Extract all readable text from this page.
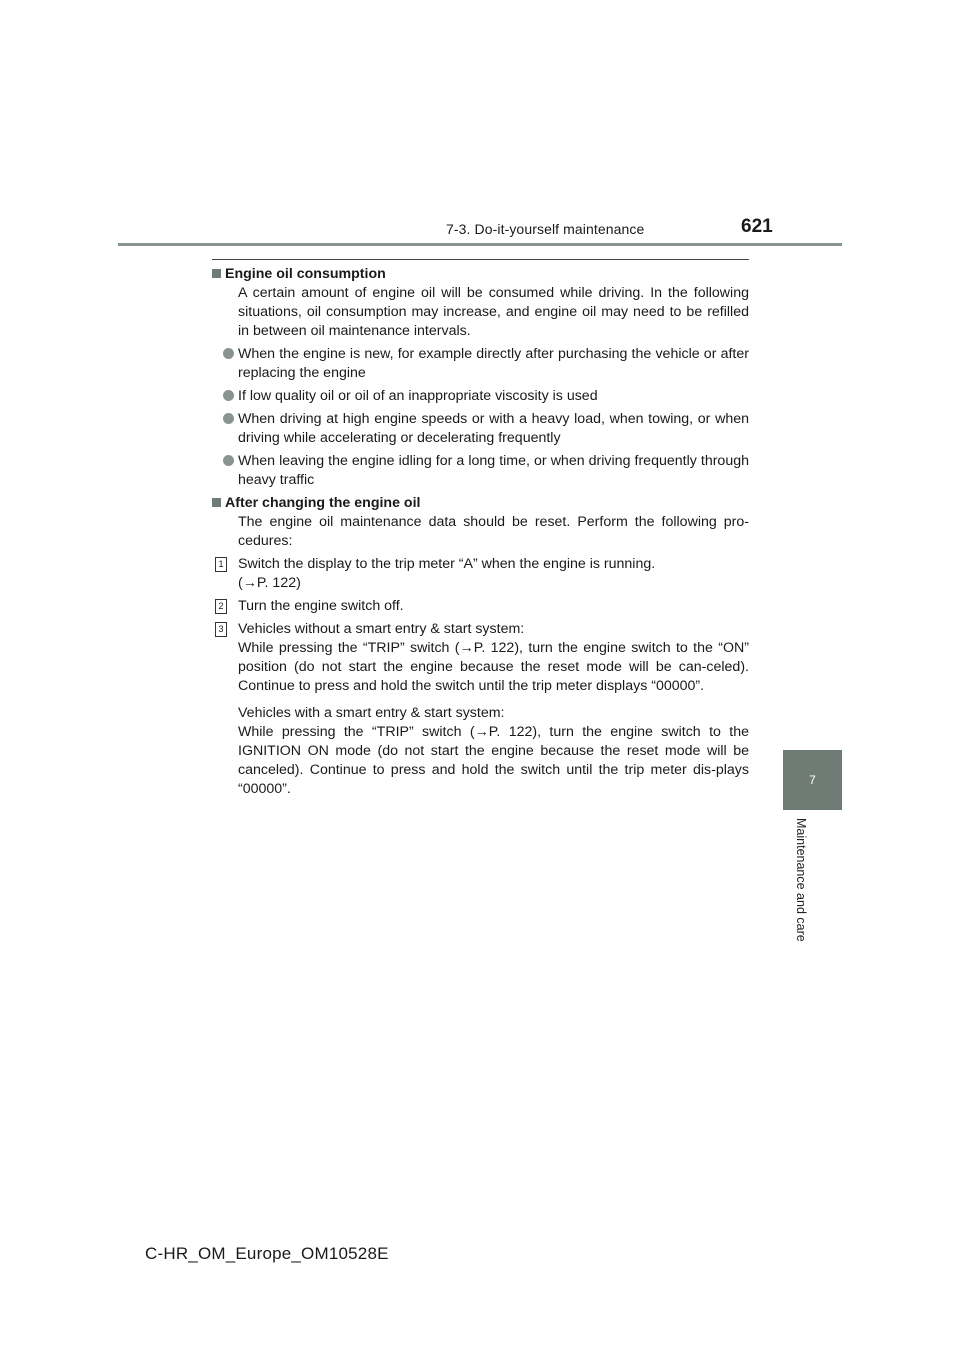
7-3. Do-it-yourself maintenance	621
7
Maintenance and care

Engine oil consumption

A certain amount of engine oil will be consumed while driving. In the following situations, oil consumption may increase, and engine oil may need to be refilled in between oil maintenance intervals.

When the engine is new, for example directly after purchasing the vehicle or after replacing the engine

If low quality oil or oil of an inappropriate viscosity is used

When driving at high engine speeds or with a heavy load, when towing, or when driving while accelerating or decelerating frequently

When leaving the engine idling for a long time, or when driving frequently through heavy traffic

After changing the engine oil

The engine oil maintenance data should be reset. Perform the following pro-cedures:

1 Switch the display to the trip meter “A” when the engine is running.
(→P. 122)

2 Turn the engine switch off.

3 Vehicles without a smart entry & start system:
While pressing the “TRIP” switch (→P. 122), turn the engine switch to the “ON” position (do not start the engine because the reset mode will be can-celed). Continue to press and hold the switch until the trip meter displays “00000”.

Vehicles with a smart entry & start system:
While pressing the “TRIP” switch (→P. 122), turn the engine switch to the IGNITION ON mode (do not start the engine because the reset mode will be canceled). Continue to press and hold the switch until the trip meter dis-plays “00000”.

C-HR_OM_Europe_OM10528E
